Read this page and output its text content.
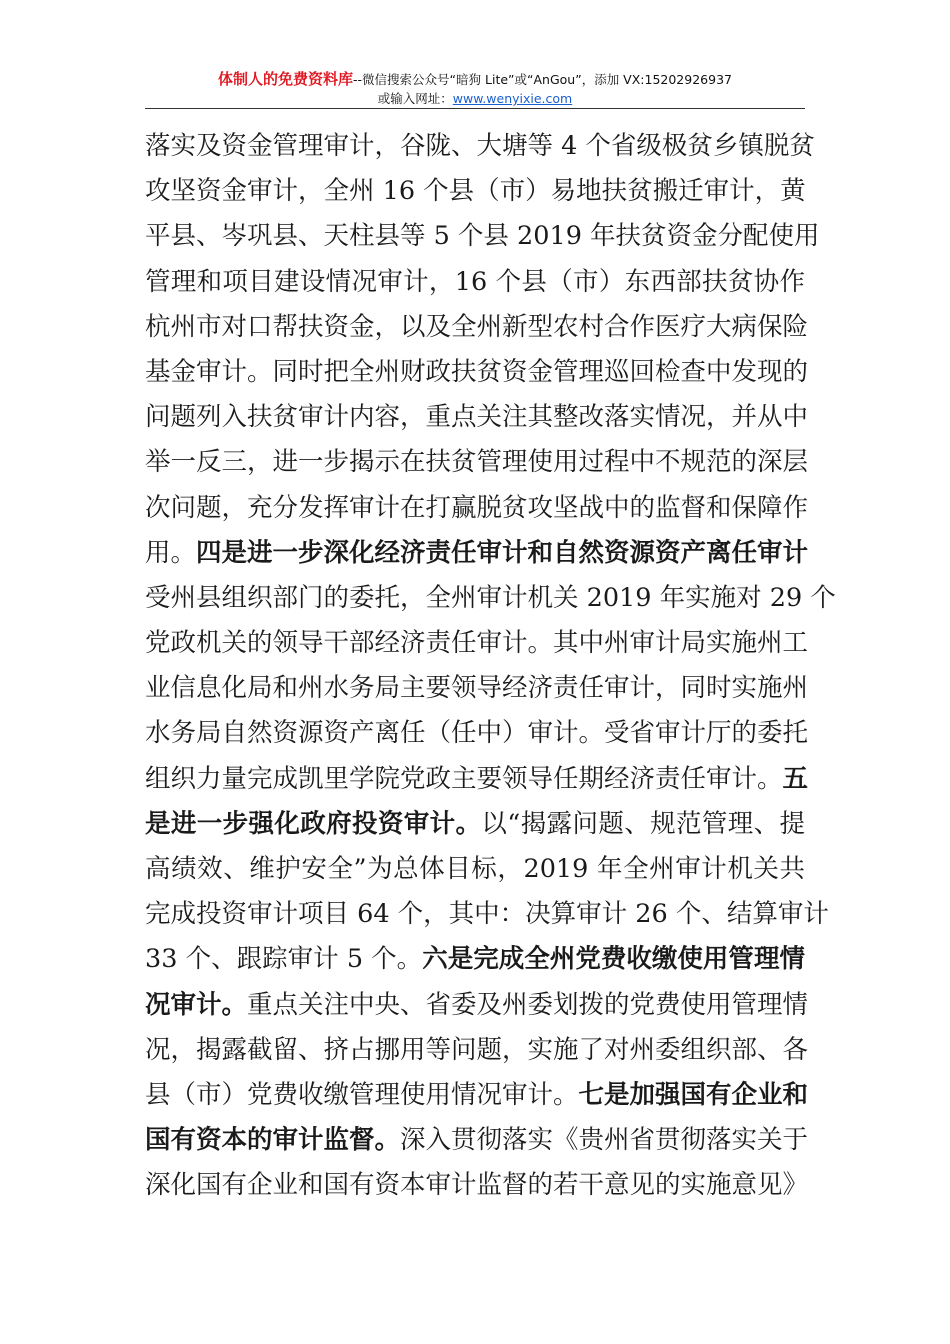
体制人的免费资料库--微信搜索公众号“暗狗 Lite”或“AnGou”，添加 VX:15202926937
或输入网址：www.wenyixie.com
落实及资金管理审计，谷陇、大塘等 4 个省级极贫乡镇脱贫
攻坚资金审计，全州 16 个县（市）易地扶贫搬迁审计，黄
平县、岑巩县、天柱县等 5 个县 2019 年扶贫资金分配使用
管理和项目建设情况审计，16 个县（市）东西部扶贫协作
杭州市对口帮扶资金，以及全州新型农村合作医疗大病保险
基金审计。同时把全州财政扶贫资金管理巡回检查中发现的
问题列入扶贫审计内容，重点关注其整改落实情况，并从中
举一反三，进一步揭示在扶贫管理使用过程中不规范的深层
次问题，充分发挥审计在打赢脱贫攻坚战中的监督和保障作
用。四是进一步深化经济责任审计和自然资源资产离任审计
受州县组织部门的委托，全州审计机关 2019 年实施对 29 个
党政机关的领导干部经济责任审计。其中州审计局实施州工
业信息化局和州水务局主要领导经济责任审计，同时实施州
水务局自然资源资产离任（任中）审计。受省审计厅的委托
组织力量完成凯里学院党政主要领导任期经济责任审计。五
是进一步强化政府投资审计。以“揭露问题、规范管理、提
高绩效、维护安全”为总体目标，2019 年全州审计机关共
完成投资审计项目 64 个，其中：决算审计 26 个、结算审计
33 个、跟踪审计 5 个。六是完成全州党费收缴使用管理情
况审计。重点关注中央、省委及州委划拨的党费使用管理情
况，揭露截留、挤占挪用等问题，实施了对州委组织部、各
县（市）党费收缴管理使用情况审计。七是加强国有企业和
国有资本的审计监督。深入贯彻落实《贵州省贯彻落实关于
深化国有企业和国有资本审计监督的若干意见的实施意见》
